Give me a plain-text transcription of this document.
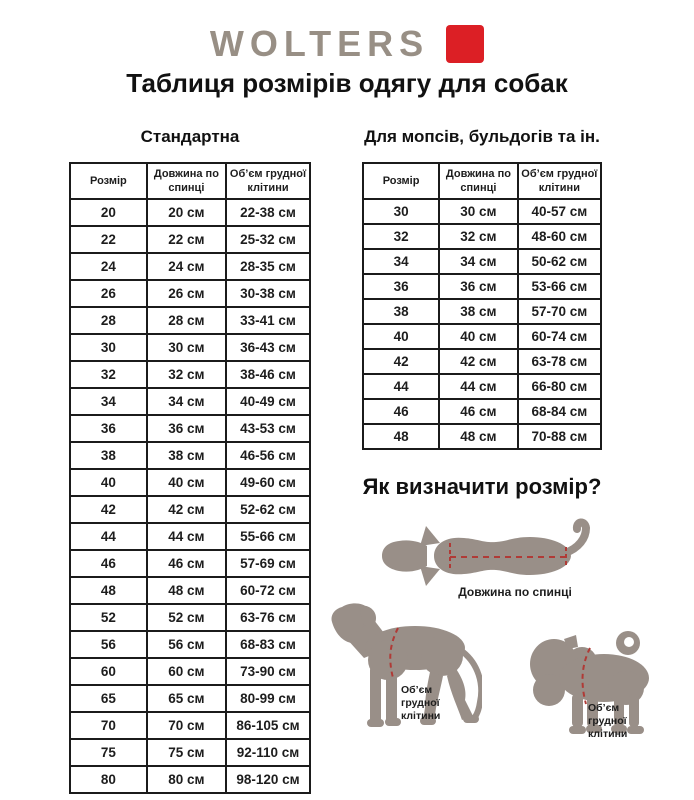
WOLTERS
Таблиця розмірів одягу для собак
Стандартна
Розмір	Довжина по спинці	Об’єм грудної клітини
20	20 см	22-38 см
22	22 см	25-32 см
24	24 см	28-35 см
26	26 см	30-38 см
28	28 см	33-41 см
30	30 см	36-43 см
32	32 см	38-46 см
34	34 см	40-49 см
36	36 см	43-53 см
38	38 см	46-56 см
40	40 см	49-60 см
42	42 см	52-62 см
44	44 см	55-66 см
46	46 см	57-69 см
48	48 см	60-72 см
52	52 см	63-76 см
56	56 см	68-83 см
60	60 см	73-90 см
65	65 см	80-99 см
70	70 см	86-105 см
75	75 см	92-110 см
80	80 см	98-120 см
Для мопсів, бульдогів та ін.
Розмір	Довжина по спинці	Об’єм грудної клітини
30	30 см	40-57 см
32	32 см	48-60 см
34	34 см	50-62 см
36	36 см	53-66 см
38	38 см	57-70 см
40	40 см	60-74 см
42	42 см	63-78 см
44	44 см	66-80 см
46	46 см	68-84 см
48	48 см	70-88 см
Як визначити розмір?
Довжина по спинці
Об’єм грудної клітини
Об’єм грудної клітини
